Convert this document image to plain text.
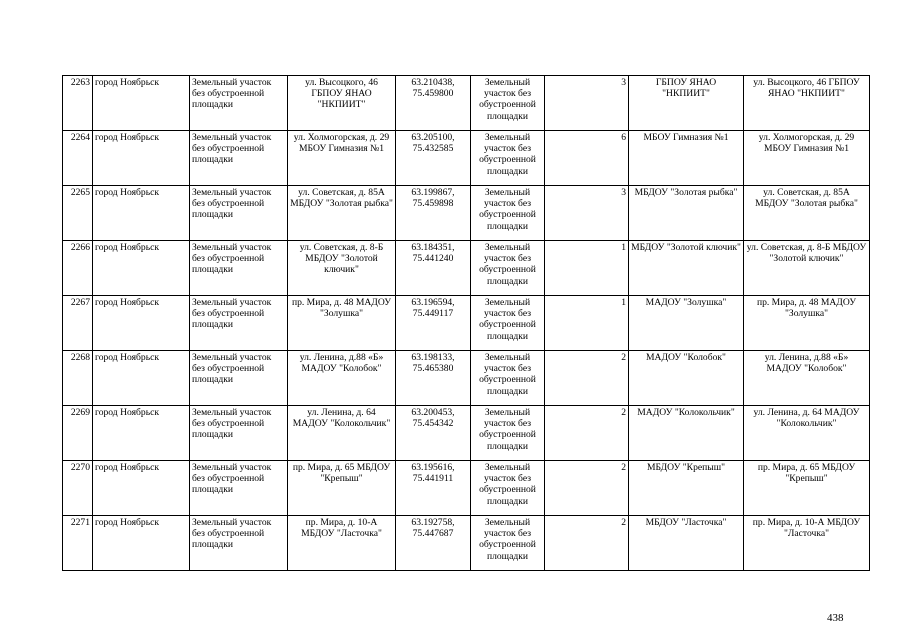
2263	город Ноябрьск	Земельный участок без обустроенной площадки	ул. Высоцкого, 46 ГБПОУ ЯНАО "НКПИИТ"	63.210438, 75.459800	Земельный участок без обустроенной площадки	3	ГБПОУ ЯНАО "НКПИИТ"	ул. Высоцкого, 46 ГБПОУ ЯНАО "НКПИИТ"
2264	город Ноябрьск	Земельный участок без обустроенной площадки	ул. Холмогорская, д. 29 МБОУ Гимназия №1	63.205100, 75.432585	Земельный участок без обустроенной площадки	6	МБОУ Гимназия №1	ул. Холмогорская, д. 29 МБОУ Гимназия №1
2265	город Ноябрьск	Земельный участок без обустроенной площадки	ул. Советская, д. 85А МБДОУ "Золотая рыбка"	63.199867, 75.459898	Земельный участок без обустроенной площадки	3	МБДОУ "Золотая рыбка"	ул. Советская, д. 85А МБДОУ "Золотая рыбка"
2266	город Ноябрьск	Земельный участок без обустроенной площадки	ул. Советская, д. 8-Б МБДОУ "Золотой ключик"	63.184351, 75.441240	Земельный участок без обустроенной площадки	1	МБДОУ "Золотой ключик"	ул. Советская, д. 8-Б МБДОУ "Золотой ключик"
2267	город Ноябрьск	Земельный участок без обустроенной площадки	пр. Мира, д. 48 МАДОУ "Золушка"	63.196594, 75.449117	Земельный участок без обустроенной площадки	1	МАДОУ "Золушка"	пр. Мира, д. 48 МАДОУ "Золушка"
2268	город Ноябрьск	Земельный участок без обустроенной площадки	ул. Ленина, д.88 «Б» МАДОУ "Колобок"	63.198133, 75.465380	Земельный участок без обустроенной площадки	2	МАДОУ "Колобок"	ул. Ленина, д.88 «Б» МАДОУ "Колобок"
2269	город Ноябрьск	Земельный участок без обустроенной площадки	ул. Ленина, д. 64 МАДОУ "Колокольчик"	63.200453, 75.454342	Земельный участок без обустроенной площадки	2	МАДОУ "Колокольчик"	ул. Ленина, д. 64 МАДОУ "Колокольчик"
2270	город Ноябрьск	Земельный участок без обустроенной площадки	пр. Мира, д. 65 МБДОУ "Крепыш"	63.195616, 75.441911	Земельный участок без обустроенной площадки	2	МБДОУ "Крепыш"	пр. Мира, д. 65 МБДОУ "Крепыш"
2271	город Ноябрьск	Земельный участок без обустроенной площадки	пр. Мира, д. 10-А МБДОУ "Ласточка"	63.192758, 75.447687	Земельный участок без обустроенной площадки	2	МБДОУ "Ласточка"	пр. Мира, д. 10-А МБДОУ "Ласточка"
438
